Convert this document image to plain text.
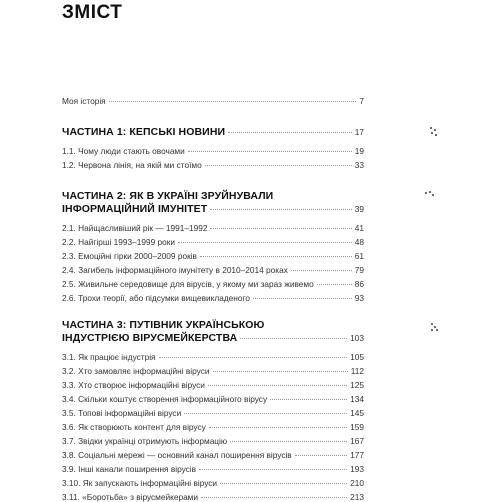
ЗМІСТ
Моя історія	7
ЧАСТИНА 1: КЕПСЬКІ НОВИНИ	17
1.1. Чому люди стають овочами	19
1.2. Червона лінія, на якій ми стоїмо	33
ЧАСТИНА 2: ЯК В УКРАЇНІ ЗРУЙНУВАЛИ
ІНФОРМАЦІЙНИЙ ІМУНІТЕТ	39
2.1. Найщасливіший рік — 1991–1992	41
2.2. Найгірші 1993–1999 роки	48
2.3. Емоційні гірки 2000–2009 років	61
2.4. Загибель інформаційного імунітету в 2010–2014 роках	79
2.5. Живильне середовище для вірусів, у якому ми зараз живемо	86
2.6. Трохи теорії, або підсумки вищевикладеного	93
ЧАСТИНА 3: ПУТІВНИК УКРАЇНСЬКОЮ
ІНДУСТРІЄЮ ВІРУСМЕЙКЕРСТВА	103
3.1. Як працює індустрія	105
3.2. Хто замовляє інформаційні віруси	112
3.3. Хто створює інформаційні віруси	125
3.4. Скільки коштує створення інформаційного вірусу	134
3.5. Топові інформаційні віруси	145
3.6. Як створюють контент для вірусу	159
3.7. Звідки українці отримують інформацію	167
3.8. Соціальні мережі — основний канал поширення вірусів	177
3.9. Інші канали поширення вірусів	193
3.10. Як запускають інформаційні віруси	210
3.11. «Боротьба» з вірусмейкерами	213
